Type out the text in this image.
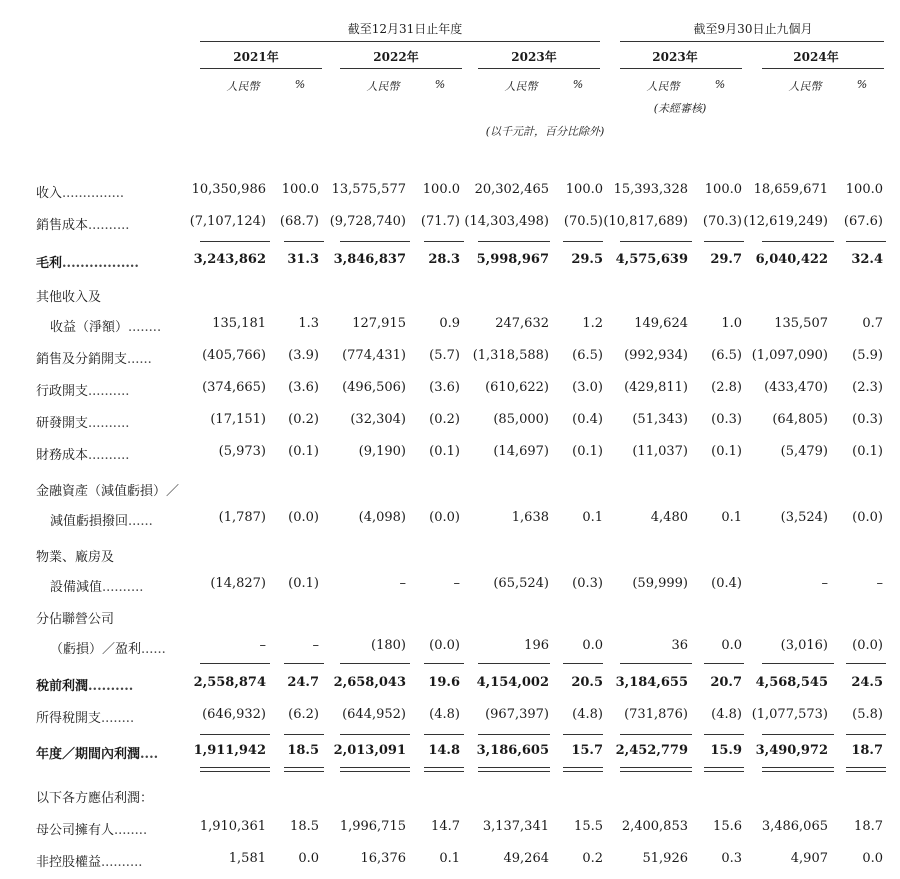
截至12月31日止年度	截至9月30日止九個月
2021年	2022年	2023年	2023年	2024年
人民幣	%	人民幣	%	人民幣	%	人民幣	%	人民幣	%
(未經審核)
(以千元計，百分比除外)
收入...............	10,350,986 100.0 13,575,577 100.0 20,302,465 100.0 15,393,328 100.0 18,659,671 100.0
銷售成本..........	(7,107,124) (68.7) (9,728,740) (71.7) (14,303,498) (70.5) (10,817,689) (70.3) (12,619,249) (67.6)
毛利.................	3,243,862 31.3 3,846,837 28.3 5,998,967 29.5 4,575,639 29.7 6,040,422 32.4
其他收入及
收益（淨額）........	135,181 1.3	127,915	0.9	247,632	1.2 149,624	1.0 135,507	0.7
銷售及分銷開支......	(405,766) (3.9) (774,431) (5.7) (1,318,588) (6.5) (992,934) (6.5) (1,097,090) (5.9)
行政開支..........	(374,665) (3.6) (496,506) (3.6) (610,622) (3.0) (429,811) (2.8) (433,470) (2.3)
研發開支..........	(17,151) (0.2) (32,304) (0.2)	(85,000) (0.4) (51,343) (0.3) (64,805) (0.3)
財務成本..........	(5,973) (0.1)	(9,190) (0.1)	(14,697) (0.1) (11,037) (0.1)	(5,479) (0.1)
金融資產（減值虧損）／
減值虧損撥回......	(1,787) (0.0)	(4,098) (0.0)	1,638	0.1	4,480	0.1	(3,524) (0.0)
物業、廠房及
設備減值..........	(14,827) (0.1)	–	–	(65,524) (0.3) (59,999) (0.4)	–	–
分佔聯營公司
（虧損）／盈利......	–	–	(180) (0.0)	196	0.0	36	0.0	(3,016) (0.0)
稅前利潤..........	2,558,874 24.7 2,658,043 19.6 4,154,002 20.5 3,184,655 20.7 4,568,545 24.5
所得稅開支........	(646,932) (6.2) (644,952) (4.8) (967,397) (4.8) (731,876) (4.8) (1,077,573) (5.8)
年度／期間內利潤....	1,911,942 18.5 2,013,091 14.8 3,186,605 15.7 2,452,779 15.9 3,490,972 18.7
以下各方應佔利潤：
母公司擁有人........	1,910,361 18.5 1,996,715 14.7 3,137,341 15.5 2,400,853 15.6 3,486,065 18.7
非控股權益..........	1,581 0.0	16,376	0.1	49,264	0.2	51,926	0.3	4,907	0.0
